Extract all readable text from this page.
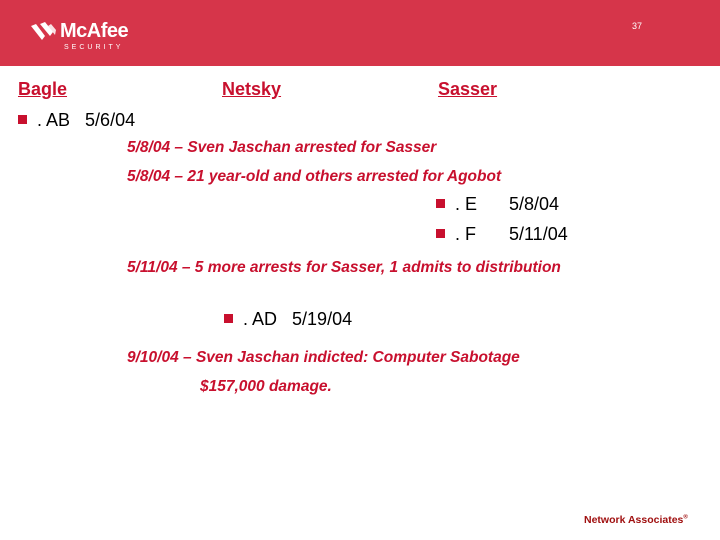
McAfee
SECURITY
37
Bagle	Netsky	Sasser
. AB 5/6/04
5/8/04 – Sven Jaschan arrested for Sasser
5/8/04 – 21 year-old and others arrested for Agobot
. E 5/8/04
. F 5/11/04
5/11/04 – 5 more arrests for Sasser, 1 admits to distribution
. AD 5/19/04
9/10/04 – Sven Jaschan indicted: Computer Sabotage
$157,000 damage.
Network Associates®
